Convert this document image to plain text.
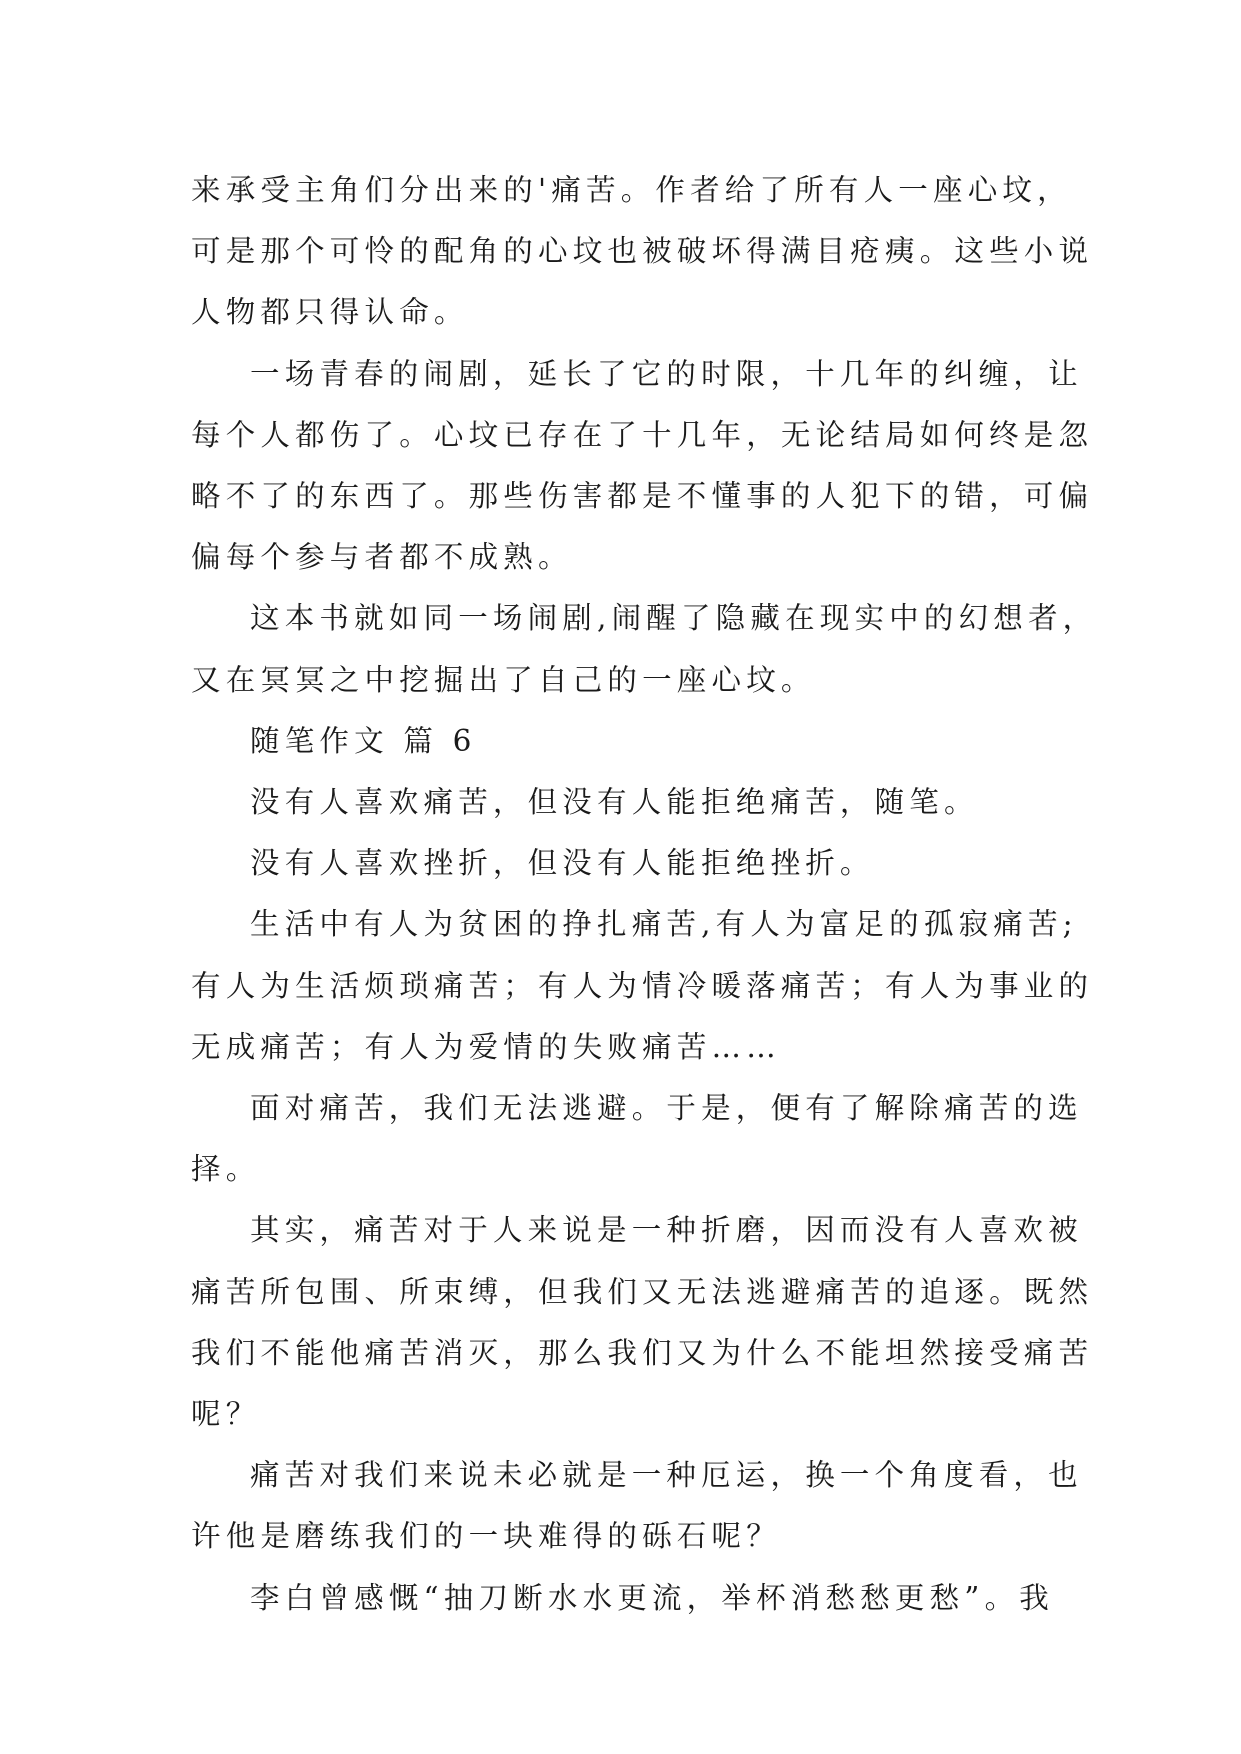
来承受主角们分出来的'痛苦。作者给了所有人一座心坟，
可是那个可怜的配角的心坟也被破坏得满目疮痍。这些小说
人物都只得认命。
一场青春的闹剧，延长了它的时限，十几年的纠缠，让
每个人都伤了。心坟已存在了十几年，无论结局如何终是忽
略不了的东西了。那些伤害都是不懂事的人犯下的错，可偏
偏每个参与者都不成熟。
这本书就如同一场闹剧,闹醒了隐藏在现实中的幻想者，
又在冥冥之中挖掘出了自己的一座心坟。
随笔作文 篇 6
没有人喜欢痛苦，但没有人能拒绝痛苦，随笔。
没有人喜欢挫折，但没有人能拒绝挫折。
生活中有人为贫困的挣扎痛苦,有人为富足的孤寂痛苦;
有人为生活烦琐痛苦；有人为情冷暖落痛苦；有人为事业的
无成痛苦；有人为爱情的失败痛苦……
面对痛苦，我们无法逃避。于是，便有了解除痛苦的选
择。
其实，痛苦对于人来说是一种折磨，因而没有人喜欢被
痛苦所包围、所束缚，但我们又无法逃避痛苦的追逐。既然
我们不能他痛苦消灭，那么我们又为什么不能坦然接受痛苦
呢？
痛苦对我们来说未必就是一种厄运，换一个角度看，也
许他是磨练我们的一块难得的砾石呢？
李白曾感慨“抽刀断水水更流，举杯消愁愁更愁”。我
